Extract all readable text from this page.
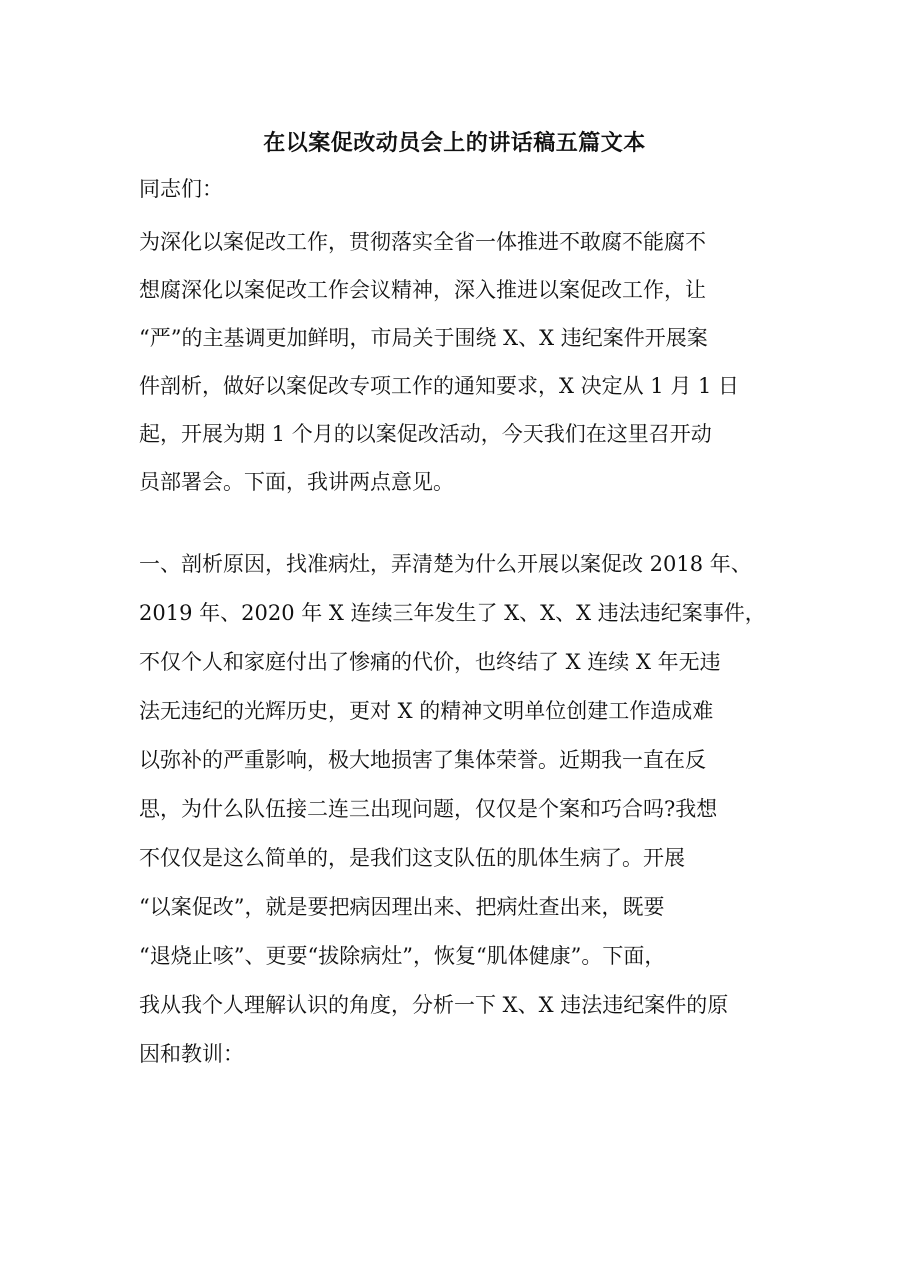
在以案促改动员会上的讲话稿五篇文本

同志们：

为深化以案促改工作，贯彻落实全省一体推进不敢腐不能腐不
想腐深化以案促改工作会议精神，深入推进以案促改工作，让
“严”的主基调更加鲜明，市局关于围绕 X、X 违纪案件开展案
件剖析，做好以案促改专项工作的通知要求，X 决定从 1 月 1 日
起，开展为期 1 个月的以案促改活动，今天我们在这里召开动
员部署会。下面，我讲两点意见。

一、剖析原因，找准病灶，弄清楚为什么开展以案促改 2018 年、
2019 年、2020 年 X 连续三年发生了 X、X、X 违法违纪案事件，
不仅个人和家庭付出了惨痛的代价，也终结了 X 连续 X 年无违
法无违纪的光辉历史，更对 X 的精神文明单位创建工作造成难
以弥补的严重影响，极大地损害了集体荣誉。近期我一直在反
思，为什么队伍接二连三出现问题，仅仅是个案和巧合吗?我想
不仅仅是这么简单的，是我们这支队伍的肌体生病了。开展
“以案促改”，就是要把病因理出来、把病灶查出来，既要
“退烧止咳”、更要“拔除病灶”，恢复“肌体健康”。下面，
我从我个人理解认识的角度，分析一下 X、X 违法违纪案件的原
因和教训：
